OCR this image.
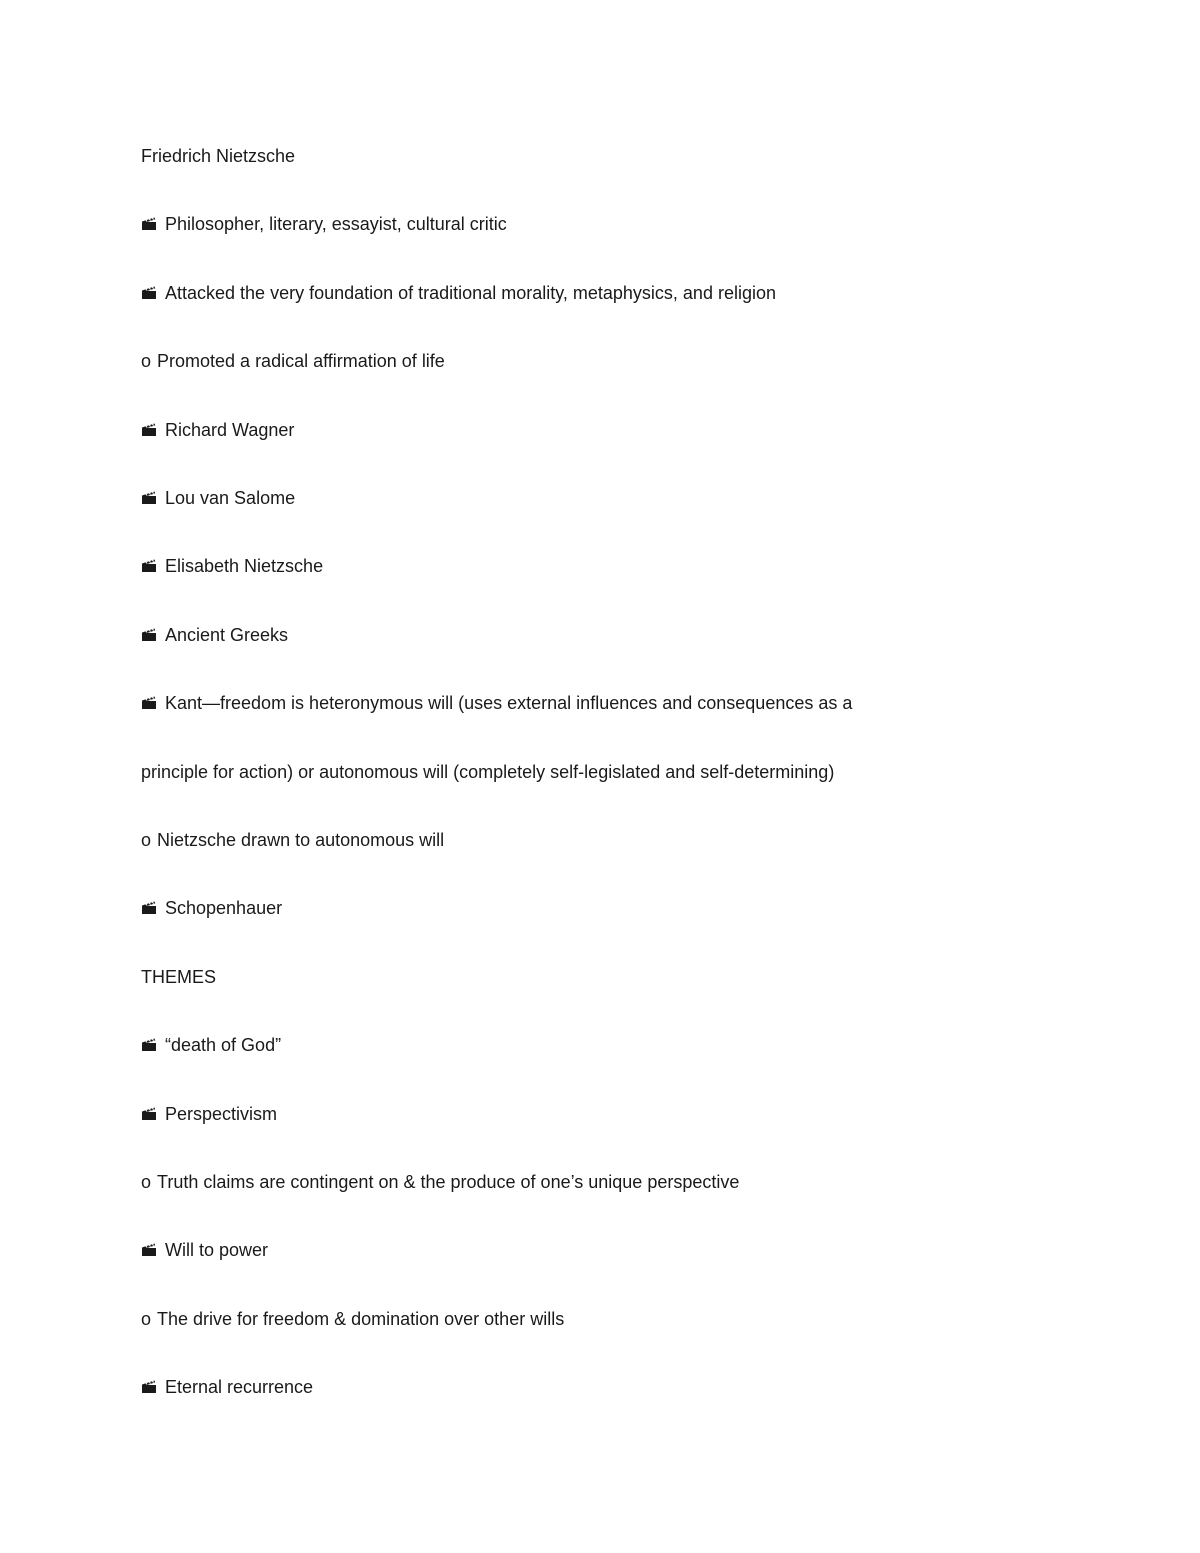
Friedrich Nietzsche
Philosopher, literary, essayist, cultural critic
Attacked the very foundation of traditional morality, metaphysics, and religion
o Promoted a radical affirmation of life
Richard Wagner
Lou van Salome
Elisabeth Nietzsche
Ancient Greeks
Kant—freedom is heteronymous will (uses external influences and consequences as a
principle for action) or autonomous will (completely self-legislated and self-determining)
o Nietzsche drawn to autonomous will
Schopenhauer
THEMES
“death of God”
Perspectivism
o Truth claims are contingent on & the produce of one’s unique perspective
Will to power
o The drive for freedom & domination over other wills
Eternal recurrence
